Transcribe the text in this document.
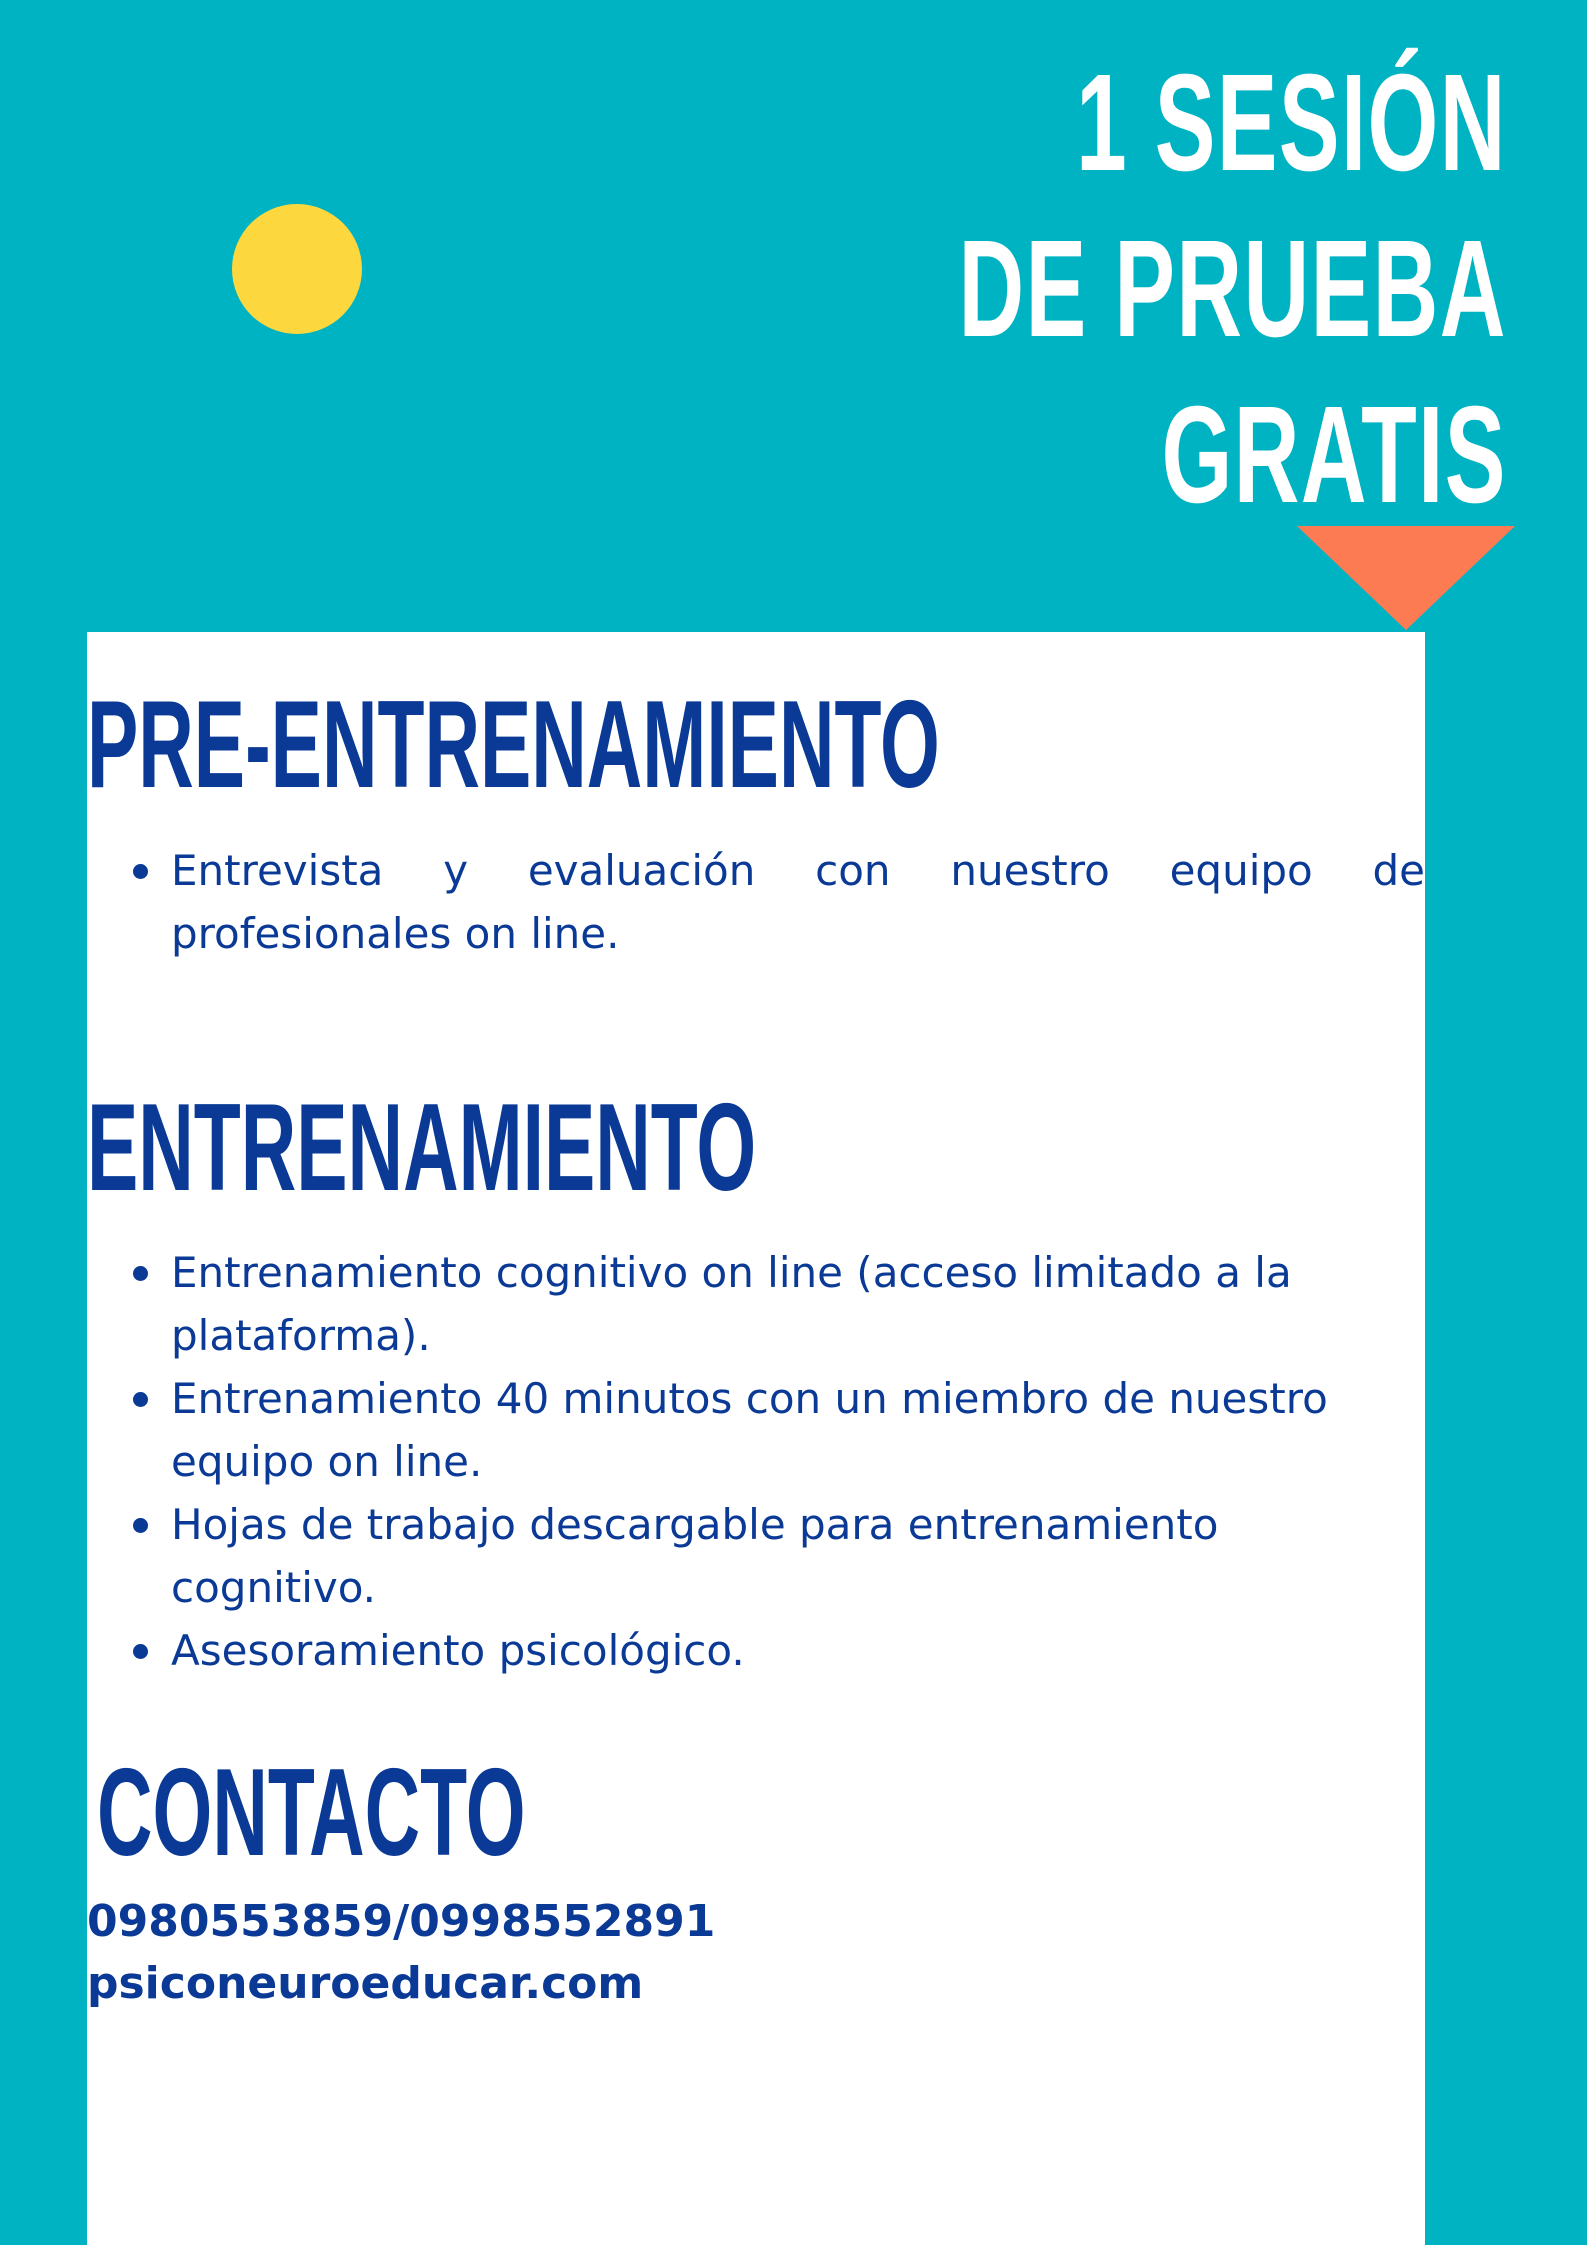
1 SESIÓN
DE PRUEBA
GRATIS
PRE-ENTRENAMIENTO
Entrevista y evaluación con nuestro equipo de profesionales on line.
ENTRENAMIENTO
Entrenamiento cognitivo on line (acceso limitado a la plataforma).
Entrenamiento 40 minutos con un miembro de nuestro equipo on line.
Hojas de trabajo descargable para entrenamiento cognitivo.
Asesoramiento psicológico.
CONTACTO
0980553859/0998552891
psiconeuroeducar.com
